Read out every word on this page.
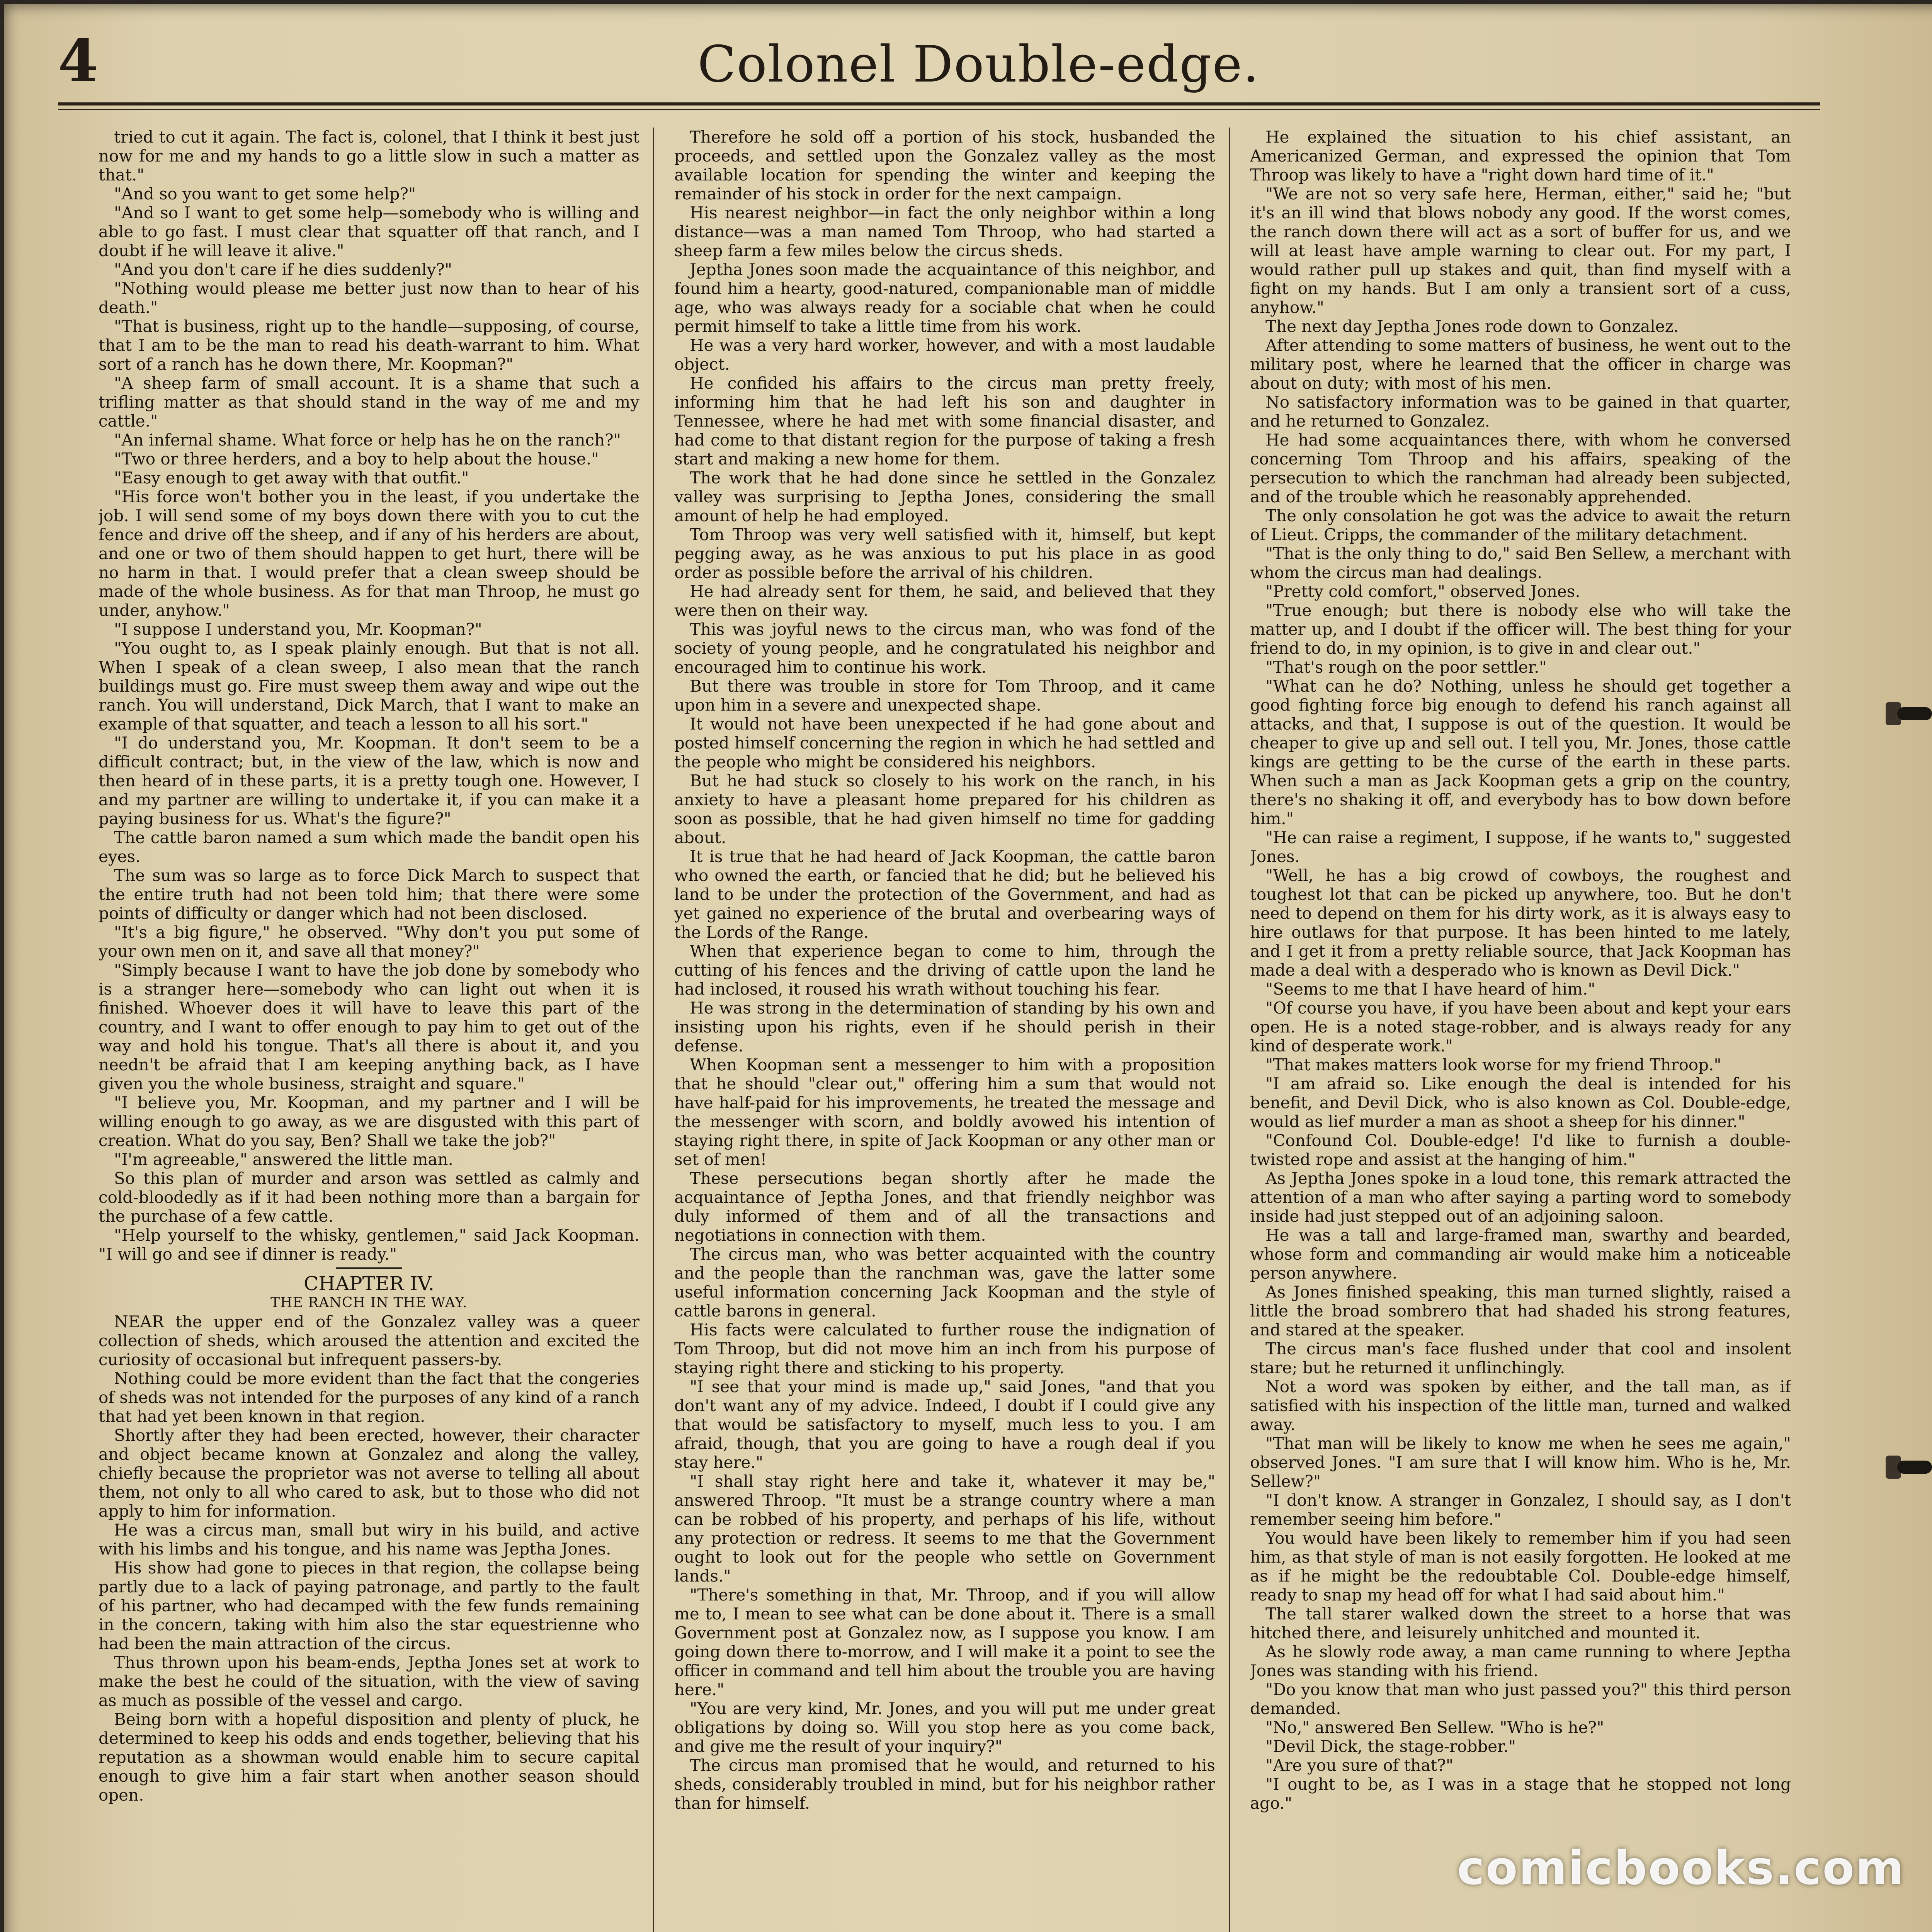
4	Colonel Double-edge.

tried to cut it again. The fact is, colonel, that I think it best just now for me and my hands to go a little slow in such a matter as that."

"And so you want to get some help?"

"And so I want to get some help—somebody who is willing and able to go fast. I must clear that squatter off that ranch, and I doubt if he will leave it alive."

"And you don't care if he dies suddenly?"

"Nothing would please me better just now than to hear of his death."

"That is business, right up to the handle—supposing, of course, that I am to be the man to read his death-warrant to him. What sort of a ranch has he down there, Mr. Koopman?"

"A sheep farm of small account. It is a shame that such a trifling matter as that should stand in the way of me and my cattle."

"An infernal shame. What force or help has he on the ranch?"

"Two or three herders, and a boy to help about the house."

"Easy enough to get away with that outfit."

"His force won't bother you in the least, if you undertake the job. I will send some of my boys down there with you to cut the fence and drive off the sheep, and if any of his herders are about, and one or two of them should happen to get hurt, there will be no harm in that. I would prefer that a clean sweep should be made of the whole business. As for that man Throop, he must go under, anyhow."

"I suppose I understand you, Mr. Koopman?"

"You ought to, as I speak plainly enough. But that is not all. When I speak of a clean sweep, I also mean that the ranch buildings must go. Fire must sweep them away and wipe out the ranch. You will understand, Dick March, that I want to make an example of that squatter, and teach a lesson to all his sort."

"I do understand you, Mr. Koopman. It don't seem to be a difficult contract; but, in the view of the law, which is now and then heard of in these parts, it is a pretty tough one. However, I and my partner are willing to undertake it, if you can make it a paying business for us. What's the figure?"

The cattle baron named a sum which made the bandit open his eyes.

The sum was so large as to force Dick March to suspect that the entire truth had not been told him; that there were some points of difficulty or danger which had not been disclosed.

"It's a big figure," he observed. "Why don't you put some of your own men on it, and save all that money?"

"Simply because I want to have the job done by somebody who is a stranger here—somebody who can light out when it is finished. Whoever does it will have to leave this part of the country, and I want to offer enough to pay him to get out of the way and hold his tongue. That's all there is about it, and you needn't be afraid that I am keeping anything back, as I have given you the whole business, straight and square."

"I believe you, Mr. Koopman, and my partner and I will be willing enough to go away, as we are disgusted with this part of creation. What do you say, Ben? Shall we take the job?"

"I'm agreeable," answered the little man.

So this plan of murder and arson was settled as calmly and cold-bloodedly as if it had been nothing more than a bargain for the purchase of a few cattle.

"Help yourself to the whisky, gentlemen," said Jack Koopman. "I will go and see if dinner is ready."

CHAPTER IV.
THE RANCH IN THE WAY.

NEAR the upper end of the Gonzalez valley was a queer collection of sheds, which aroused the attention and excited the curiosity of occasional but infrequent passers-by.

Nothing could be more evident than the fact that the congeries of sheds was not intended for the purposes of any kind of a ranch that had yet been known in that region.

Shortly after they had been erected, however, their character and object became known at Gonzalez and along the valley, chiefly because the proprietor was not averse to telling all about them, not only to all who cared to ask, but to those who did not apply to him for information.

He was a circus man, small but wiry in his build, and active with his limbs and his tongue, and his name was Jeptha Jones.

His show had gone to pieces in that region, the collapse being partly due to a lack of paying patronage, and partly to the fault of his partner, who had decamped with the few funds remaining in the concern, taking with him also the star equestrienne who had been the main attraction of the circus.

Thus thrown upon his beam-ends, Jeptha Jones set at work to make the best he could of the situation, with the view of saving as much as possible of the vessel and cargo.

Being born with a hopeful disposition and plenty of pluck, he determined to keep his odds and ends together, believing that his reputation as a showman would enable him to secure capital enough to give him a fair start when another season should open.

Therefore he sold off a portion of his stock, husbanded the proceeds, and settled upon the Gonzalez valley as the most available location for spending the winter and keeping the remainder of his stock in order for the next campaign.

His nearest neighbor—in fact the only neighbor within a long distance—was a man named Tom Throop, who had started a sheep farm a few miles below the circus sheds.

Jeptha Jones soon made the acquaintance of this neighbor, and found him a hearty, good-natured, companionable man of middle age, who was always ready for a sociable chat when he could permit himself to take a little time from his work.

He was a very hard worker, however, and with a most laudable object.

He confided his affairs to the circus man pretty freely, informing him that he had left his son and daughter in Tennessee, where he had met with some financial disaster, and had come to that distant region for the purpose of taking a fresh start and making a new home for them.

The work that he had done since he settled in the Gonzalez valley was surprising to Jeptha Jones, considering the small amount of help he had employed.

Tom Throop was very well satisfied with it, himself, but kept pegging away, as he was anxious to put his place in as good order as possible before the arrival of his children.

He had already sent for them, he said, and believed that they were then on their way.

This was joyful news to the circus man, who was fond of the society of young people, and he congratulated his neighbor and encouraged him to continue his work.

But there was trouble in store for Tom Throop, and it came upon him in a severe and unexpected shape.

It would not have been unexpected if he had gone about and posted himself concerning the region in which he had settled and the people who might be considered his neighbors.

But he had stuck so closely to his work on the ranch, in his anxiety to have a pleasant home prepared for his children as soon as possible, that he had given himself no time for gadding about.

It is true that he had heard of Jack Koopman, the cattle baron who owned the earth, or fancied that he did; but he believed his land to be under the protection of the Government, and had as yet gained no experience of the brutal and overbearing ways of the Lords of the Range.

When that experience began to come to him, through the cutting of his fences and the driving of cattle upon the land he had inclosed, it roused his wrath without touching his fear.

He was strong in the determination of standing by his own and insisting upon his rights, even if he should perish in their defense.

When Koopman sent a messenger to him with a proposition that he should "clear out," offering him a sum that would not have half-paid for his improvements, he treated the message and the messenger with scorn, and boldly avowed his intention of staying right there, in spite of Jack Koopman or any other man or set of men!

These persecutions began shortly after he made the acquaintance of Jeptha Jones, and that friendly neighbor was duly informed of them and of all the transactions and negotiations in connection with them.

The circus man, who was better acquainted with the country and the people than the ranchman was, gave the latter some useful information concerning Jack Koopman and the style of cattle barons in general.

His facts were calculated to further rouse the indignation of Tom Throop, but did not move him an inch from his purpose of staying right there and sticking to his property.

"I see that your mind is made up," said Jones, "and that you don't want any of my advice. Indeed, I doubt if I could give any that would be satisfactory to myself, much less to you. I am afraid, though, that you are going to have a rough deal if you stay here."

"I shall stay right here and take it, whatever it may be," answered Throop. "It must be a strange country where a man can be robbed of his property, and perhaps of his life, without any protection or redress. It seems to me that the Government ought to look out for the people who settle on Government lands."

"There's something in that, Mr. Throop, and if you will allow me to, I mean to see what can be done about it. There is a small Government post at Gonzalez now, as I suppose you know. I am going down there to-morrow, and I will make it a point to see the officer in command and tell him about the trouble you are having here."

"You are very kind, Mr. Jones, and you will put me under great obligations by doing so. Will you stop here as you come back, and give me the result of your inquiry?"

The circus man promised that he would, and returned to his sheds, considerably troubled in mind, but for his neighbor rather than for himself.

He explained the situation to his chief assistant, an Americanized German, and expressed the opinion that Tom Throop was likely to have a "right down hard time of it."

"We are not so very safe here, Herman, either," said he; "but it's an ill wind that blows nobody any good. If the worst comes, the ranch down there will act as a sort of buffer for us, and we will at least have ample warning to clear out. For my part, I would rather pull up stakes and quit, than find myself with a fight on my hands. But I am only a transient sort of a cuss, anyhow."

The next day Jeptha Jones rode down to Gonzalez.

After attending to some matters of business, he went out to the military post, where he learned that the officer in charge was about on duty; with most of his men.

No satisfactory information was to be gained in that quarter, and he returned to Gonzalez.

He had some acquaintances there, with whom he conversed concerning Tom Throop and his affairs, speaking of the persecution to which the ranchman had already been subjected, and of the trouble which he reasonably apprehended.

The only consolation he got was the advice to await the return of Lieut. Cripps, the commander of the military detachment.

"That is the only thing to do," said Ben Sellew, a merchant with whom the circus man had dealings.

"Pretty cold comfort," observed Jones.

"True enough; but there is nobody else who will take the matter up, and I doubt if the officer will. The best thing for your friend to do, in my opinion, is to give in and clear out."

"That's rough on the poor settler."

"What can he do? Nothing, unless he should get together a good fighting force big enough to defend his ranch against all attacks, and that, I suppose is out of the question. It would be cheaper to give up and sell out. I tell you, Mr. Jones, those cattle kings are getting to be the curse of the earth in these parts. When such a man as Jack Koopman gets a grip on the country, there's no shaking it off, and everybody has to bow down before him."

"He can raise a regiment, I suppose, if he wants to," suggested Jones.

"Well, he has a big crowd of cowboys, the roughest and toughest lot that can be picked up anywhere, too. But he don't need to depend on them for his dirty work, as it is always easy to hire outlaws for that purpose. It has been hinted to me lately, and I get it from a pretty reliable source, that Jack Koopman has made a deal with a desperado who is known as Devil Dick."

"Seems to me that I have heard of him."

"Of course you have, if you have been about and kept your ears open. He is a noted stage-robber, and is always ready for any kind of desperate work."

"That makes matters look worse for my friend Throop."

"I am afraid so. Like enough the deal is intended for his benefit, and Devil Dick, who is also known as Col. Double-edge, would as lief murder a man as shoot a sheep for his dinner."

"Confound Col. Double-edge! I'd like to furnish a double-twisted rope and assist at the hanging of him."

As Jeptha Jones spoke in a loud tone, this remark attracted the attention of a man who after saying a parting word to somebody inside had just stepped out of an adjoining saloon.

He was a tall and large-framed man, swarthy and bearded, whose form and commanding air would make him a noticeable person anywhere.

As Jones finished speaking, this man turned slightly, raised a little the broad sombrero that had shaded his strong features, and stared at the speaker.

The circus man's face flushed under that cool and insolent stare; but he returned it unflinchingly.

Not a word was spoken by either, and the tall man, as if satisfied with his inspection of the little man, turned and walked away.

"That man will be likely to know me when he sees me again," observed Jones. "I am sure that I will know him. Who is he, Mr. Sellew?"

"I don't know. A stranger in Gonzalez, I should say, as I don't remember seeing him before."

You would have been likely to remember him if you had seen him, as that style of man is not easily forgotten. He looked at me as if he might be the redoubtable Col. Double-edge himself, ready to snap my head off for what I had said about him."

The tall starer walked down the street to a horse that was hitched there, and leisurely unhitched and mounted it.

As he slowly rode away, a man came running to where Jeptha Jones was standing with his friend.

"Do you know that man who just passed you?" this third person demanded.

"No," answered Ben Sellew. "Who is he?"

"Devil Dick, the stage-robber."

"Are you sure of that?"

"I ought to be, as I was in a stage that he stopped not long ago."

comicbooks.com
